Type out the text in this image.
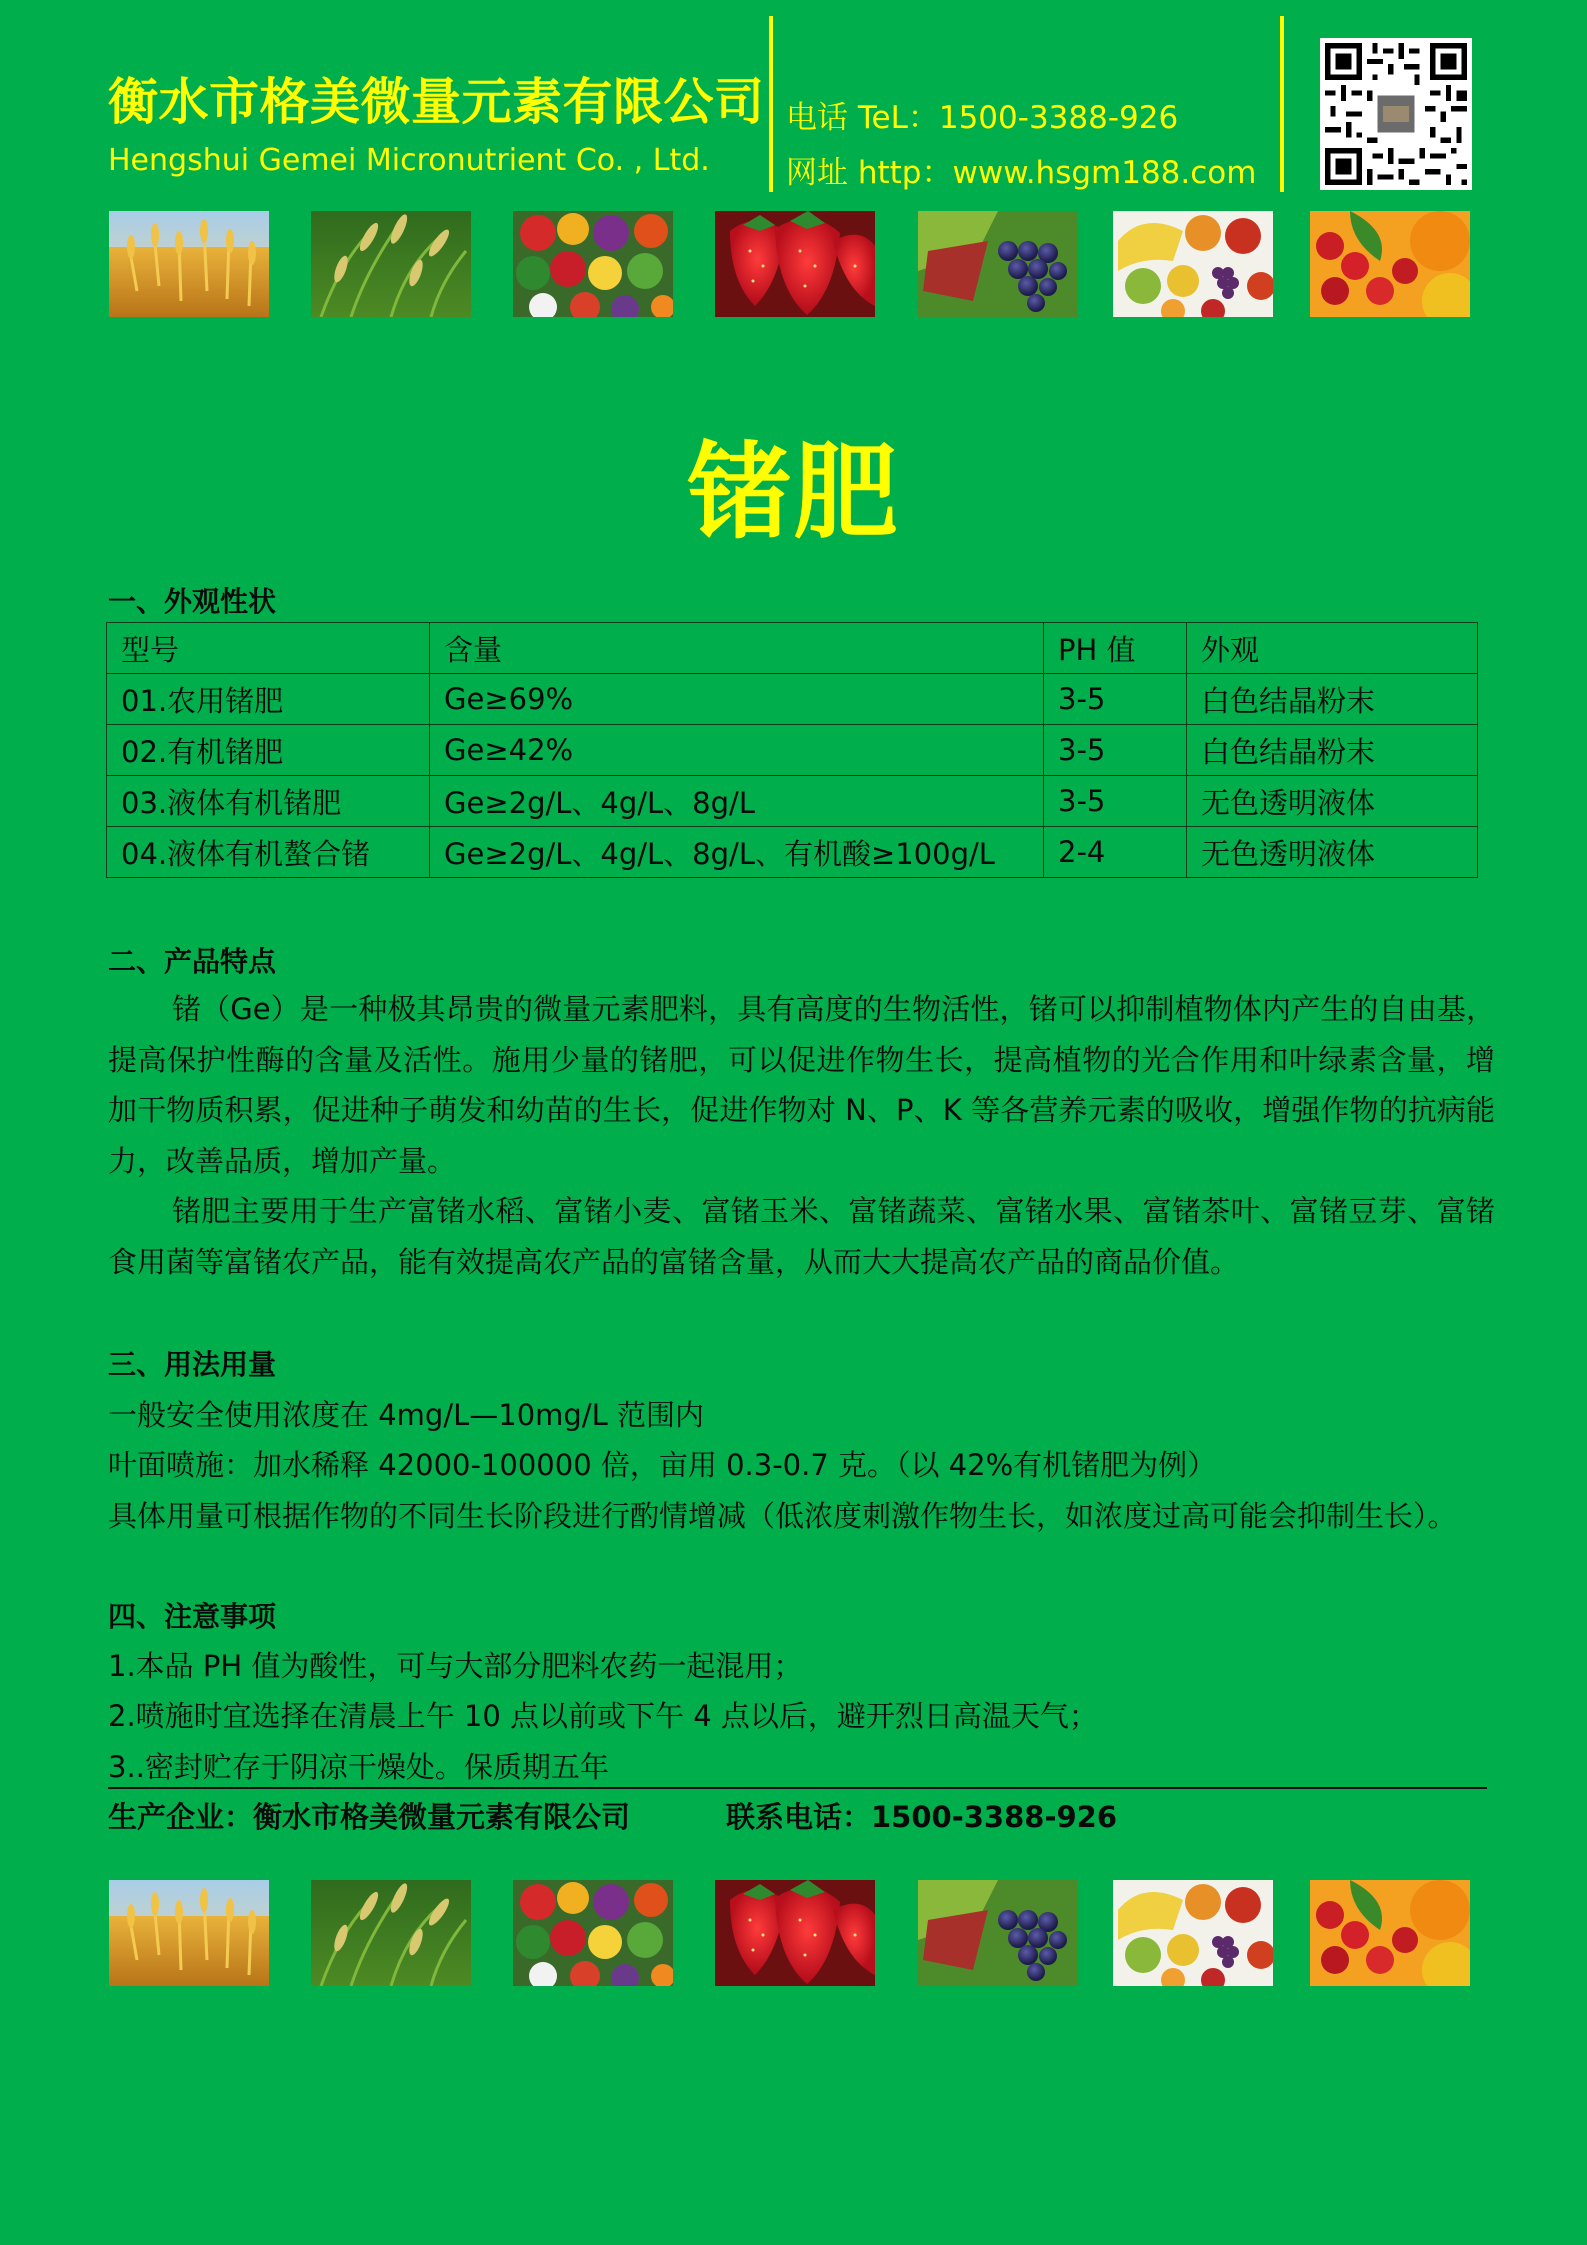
衡水市格美微量元素有限公司
Hengshui Gemei Micronutrient Co. , Ltd.
电话 TeL：1500-3388-926
网址 http：www.hsgm188.com
锗肥
一、外观性状
型号	含量	PH 值	外观
01.农用锗肥	Ge≥69%	3-5	白色结晶粉末
02.有机锗肥	Ge≥42%	3-5	白色结晶粉末
03.液体有机锗肥	Ge≥2g/L、4g/L、8g/L	3-5	无色透明液体
04.液体有机螯合锗	Ge≥2g/L、4g/L、8g/L、有机酸≥100g/L	2-4	无色透明液体
二、产品特点
锗（Ge）是一种极其昂贵的微量元素肥料，具有高度的生物活性，锗可以抑制植物体内产生的自由基，提高保护性酶的含量及活性。施用少量的锗肥，可以促进作物生长，提高植物的光合作用和叶绿素含量，增加干物质积累，促进种子萌发和幼苗的生长，促进作物对 N、P、K 等各营养元素的吸收，增强作物的抗病能力，改善品质，增加产量。
锗肥主要用于生产富锗水稻、富锗小麦、富锗玉米、富锗蔬菜、富锗水果、富锗茶叶、富锗豆芽、富锗食用菌等富锗农产品，能有效提高农产品的富锗含量，从而大大提高农产品的商品价值。
三、用法用量
一般安全使用浓度在 4mg/L—10mg/L 范围内
叶面喷施：加水稀释 42000-100000 倍，亩用 0.3-0.7 克。（以 42%有机锗肥为例）
具体用量可根据作物的不同生长阶段进行酌情增减（低浓度刺激作物生长，如浓度过高可能会抑制生长）。
四、注意事项
1.本品 PH 值为酸性，可与大部分肥料农药一起混用；
2.喷施时宜选择在清晨上午 10 点以前或下午 4 点以后，避开烈日高温天气；
3..密封贮存于阴凉干燥处。保质期五年
生产企业：衡水市格美微量元素有限公司	联系电话：1500-3388-926
